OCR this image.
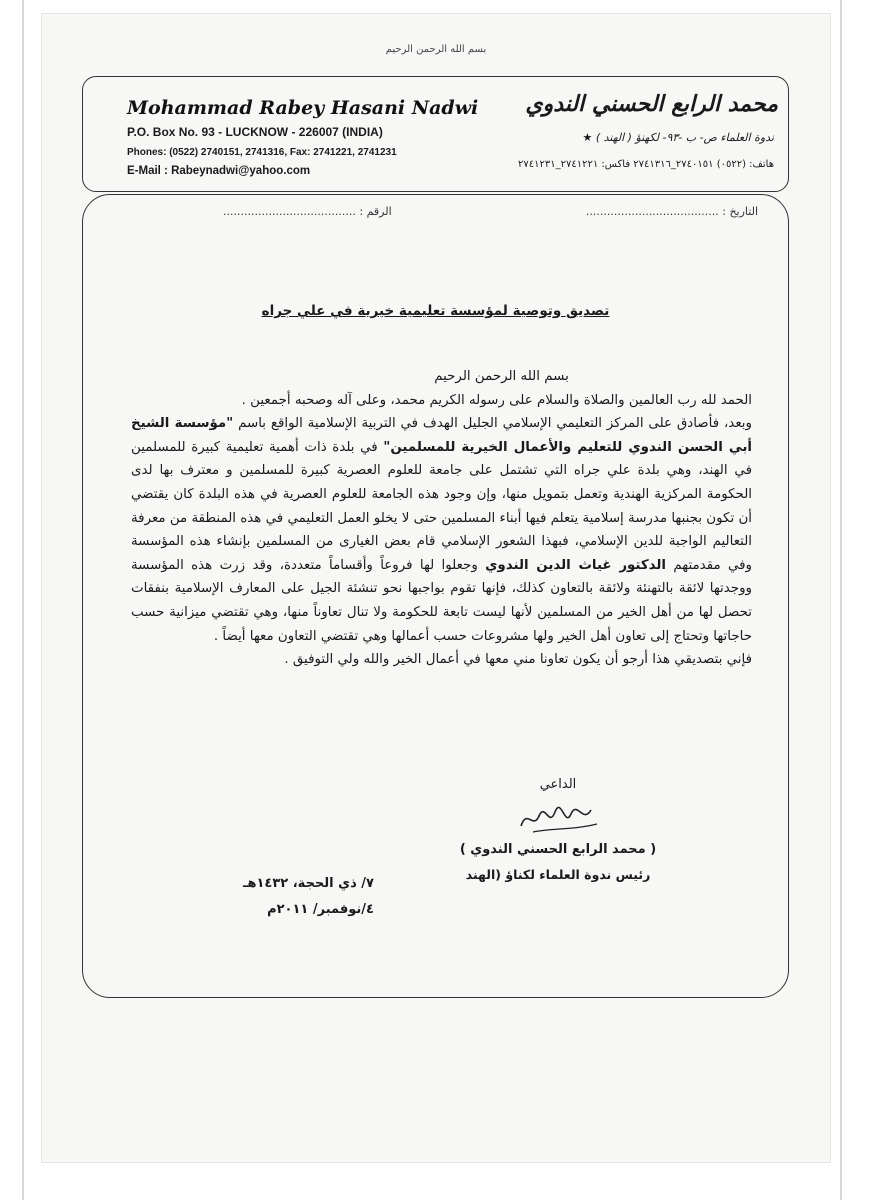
بسم الله الرحمن الرحيم
Mohammad Rabey Hasani Nadwi
P.O. Box No. 93 - LUCKNOW - 226007 (INDIA)
Phones: (0522) 2740151, 2741316, Fax: 2741221, 2741231
E-Mail : Rabeynadwi@yahoo.com
محمد الرابع الحسني الندوي
ندوة العلماء ص- ب -٩٣- لكهنؤ ( الهند ) ★
هاتف: (٠٥٢٢) ٢٧٤٠١٥١_٢٧٤١٣١٦ فاكس: ٢٧٤١٢٢١_٢٧٤١٢٣١
التاريخ : ......................................
الرقم : ......................................
تصديق وتوصية لمؤسسة تعليمية خيرية في علي جراه

بسم الله الرحمن الرحيم

الحمد لله رب العالمين والصلاة والسلام على رسوله الكريم محمد، وعلى آله وصحبه أجمعين .

وبعد، فأصادق على المركز التعليمي الإسلامي الجليل الهدف في التربية الإسلامية الواقع باسم "مؤسسة الشيخ أبي الحسن الندوي للتعليم والأعمال الخيرية للمسلمين" في بلدة ذات أهمية تعليمية كبيرة للمسلمين في الهند، وهي بلدة علي جراه التي تشتمل على جامعة للعلوم العصرية كبيرة للمسلمين و معترف بها لدى الحكومة المركزية الهندية وتعمل بتمويل منها، وإن وجود هذه الجامعة للعلوم العصرية في هذه البلدة كان يقتضي أن تكون بجنبها مدرسة إسلامية يتعلم فيها أبناء المسلمين حتى لا يخلو العمل التعليمي في هذه المنطقة من معرفة التعاليم الواجبة للدين الإسلامي، فبهذا الشعور الإسلامي قام بعض الغيارى من المسلمين بإنشاء هذه المؤسسة وفي مقدمتهم الدكتور غياث الدين الندوي وجعلوا لها فروعاً وأقساماً متعددة، وقد زرت هذه المؤسسة ووجدتها لائقة بالتهنئة ولائقة بالتعاون كذلك، فإنها تقوم بواجبها نحو تنشئة الجيل على المعارف الإسلامية بنفقات تحصل لها من أهل الخير من المسلمين لأنها ليست تابعة للحكومة ولا تنال تعاوناً منها، وهي تقتضي ميزانية حسب حاجاتها وتحتاج إلى تعاون أهل الخير ولها مشروعات حسب أعمالها وهي تقتضي التعاون معها أيضاً .

فإني بتصديقي هذا أرجو أن يكون تعاونا مني معها في أعمال الخير والله ولي التوفيق .

الداعي
( محمد الرابع الحسني الندوي )
رئيس ندوة العلماء لكناؤ (الهند
٧/ ذي الحجة، ١٤٣٢هـ
٤/نوفمبر/ ٢٠١١م
